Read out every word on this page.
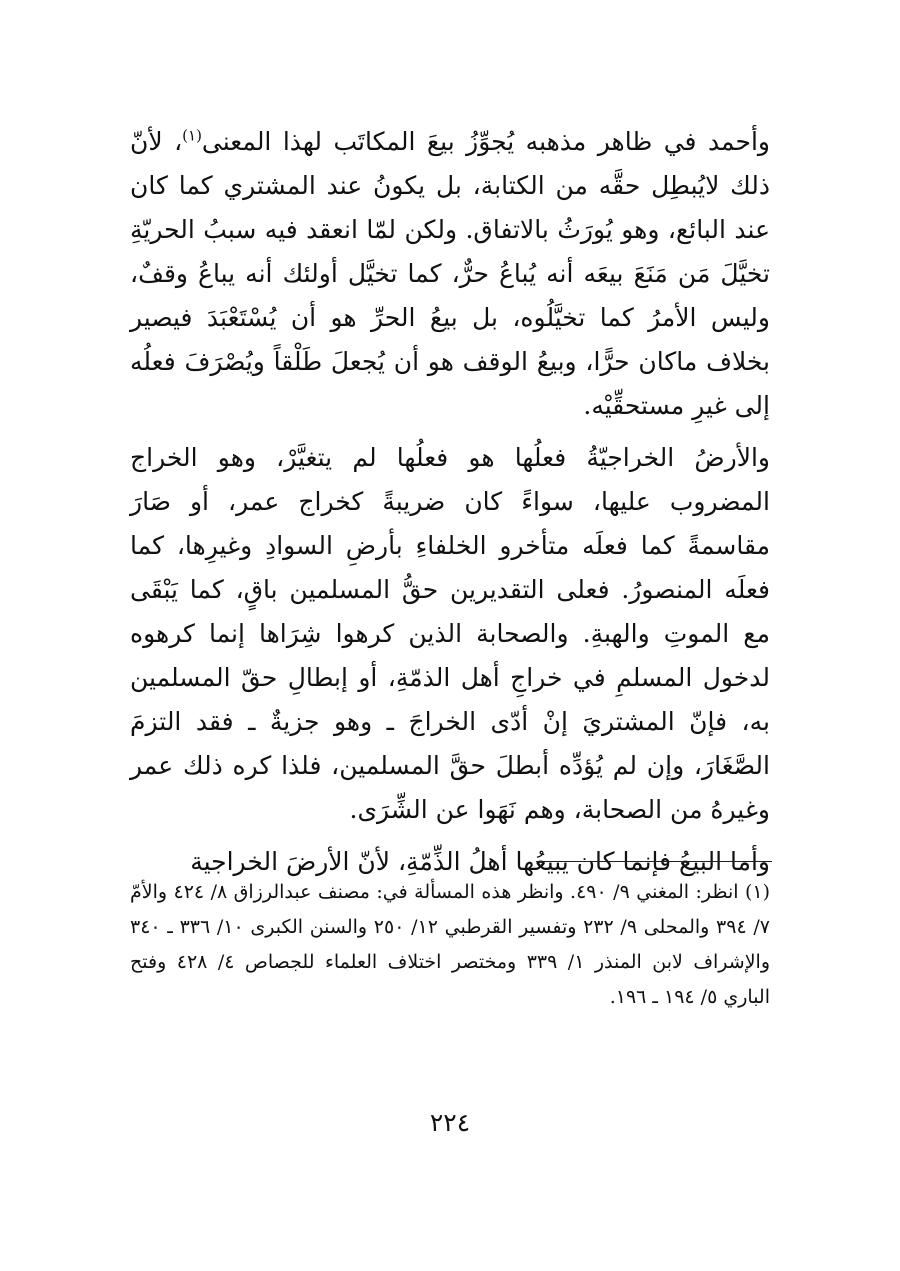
وأحمد في ظاهر مذهبه يُجوِّزُ بيعَ المكاتَب لهذا المعنى$^{(١)}$، لأنّ ذلك لايُبطِل حقَّه من الكتابة، بل يكونُ عند المشتري كما كان عند البائع، وهو يُورَثُ بالاتفاق. ولكن لمّا انعقد فيه سببُ الحريّةِ تخيَّلَ مَن مَنَعَ بيعَه أنه يُباعُ حرٌّ، كما تخيَّل أولئك أنه يباعُ وقفٌ، وليس الأمرُ كما تخيَّلُوه، بل بيعُ الحرِّ هو أن يُسْتَعْبَدَ فيصير بخلاف ماكان حرًّا، وبيعُ الوقف هو أن يُجعلَ طَلْقاً ويُصْرَفَ فعلُه إلى غيرِ مستحقِّيْه.

والأرضُ الخراجيّةُ فعلُها هو فعلُها لم يتغيَّرْ، وهو الخراج المضروب عليها، سواءً كان ضريبةً كخراج عمر، أو صَارَ مقاسمةً كما فعلَه متأخرو الخلفاءِ بأرضِ السوادِ وغيرِها، كما فعلَه المنصورُ. فعلى التقديرين حقُّ المسلمين باقٍ، كما يَبْقَى مع الموتِ والهبةِ. والصحابة الذين كرهوا شِرَاها إنما كرهوه لدخول المسلمِ في خراجِ أهل الذمّةِ، أو إبطالِ حقّ المسلمين به، فإنّ المشتريَ إنْ أدّى الخراجَ ـ وهو جزيةٌ ـ فقد التزمَ الصَّغَارَ، وإن لم يُؤدِّه أبطلَ حقَّ المسلمين، فلذا كره ذلك عمر وغيرهُ من الصحابة، وهم نَهَوا عن الشِّرَى.

وأما البيعُ فإنما كان يبيعُها أهلُ الذِّمّةِ، لأنّ الأرضَ الخراجية

(١) انظر: المغني ٩/ ٤٩٠. وانظر هذه المسألة في: مصنف عبدالرزاق ٨/ ٤٢٤ والأمّ ٧/ ٣٩٤ والمحلى ٩/ ٢٣٢ وتفسير القرطبي ١٢/ ٢٥٠ والسنن الكبرى ١٠/ ٣٣٦ ـ ٣٤٠ والإشراف لابن المنذر ١/ ٣٣٩ ومختصر اختلاف العلماء للجصاص ٤/ ٤٢٨ وفتح الباري ٥/ ١٩٤ ـ ١٩٦.

٢٢٤
